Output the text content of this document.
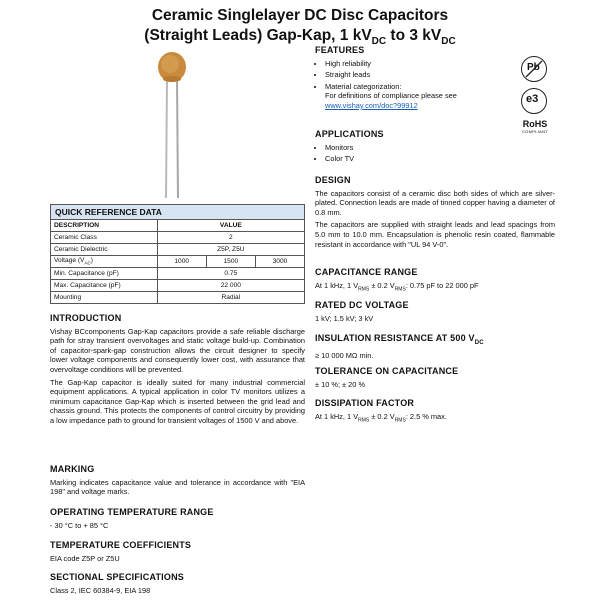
Ceramic Singlelayer DC Disc Capacitors
(Straight Leads) Gap-Kap, 1 $kV_{DC}$ to 3 $kV_{DC}$
Pb
e3
RoHS
COMPLIANT
FEATURES
• High reliability
• Straight leads
• Material categorization:
For definitions of compliance please see
www.vishay.com/doc?99912
APPLICATIONS
• Monitors
• Color TV
DESIGN
The capacitors consist of a ceramic disc both sides of which are silver-plated. Connection leads are made of tinned copper having a diameter of 0.8 mm.
The capacitors are supplied with straight leads and lead spacings from 5.0 mm to 10.0 mm. Encapsulation is phenolic resin coated, flammable resistant in accordance with "UL 94 V-0".
CAPACITANCE RANGE
At 1 kHz, 1 $V_{RMS} \pm 0.2$ $V_{RMS}$: 0.75 pF to 22 000 pF
RATED DC VOLTAGE
1 kV; 1.5 kV; 3 kV
INSULATION RESISTANCE AT 500 $V_{DC}$
≥ 10 000 MΩ min.
TOLERANCE ON CAPACITANCE
± 10 %; ± 20 %
DISSIPATION FACTOR
At 1 kHz, 1 $V_{RMS} \pm 0.2$ $V_{RMS}$: 2.5 % max.
QUICK REFERENCE DATA			
DESCRIPTION	VALUE		
Ceramic Class	2		
Ceramic Dielectric	Z5P, Z5U		
Voltage $(V_{AC})$	1000	1500	3000
Min. Capacitance (pF)	0.75		
Max. Capacitance (pF)	22 000		
Mounting	Radial		
INTRODUCTION
Vishay BCcomponents Gap-Kap capacitors provide a safe reliable discharge path for stray transient overvoltages and static voltage build-up. Combination of capacitor-spark-gap construction allows the circuit designer to specify lower voltage components and consequently lower cost, with assurance that overvoltage conditions will be prevented.
The Gap-Kap capacitor is ideally suited for many industrial commercial equipment applications. A typical application in color TV monitors utilizes a minimum capacitance Gap-Kap which is inserted between the grid lead and chassis ground. This protects the components of control circuitry by providing a low impedance path to ground for transient voltages of 1500 V and above.
MARKING
Marking indicates capacitance value and tolerance in accordance with "EIA 198" and voltage marks.
OPERATING TEMPERATURE RANGE
- 30 °C to + 85 °C
TEMPERATURE COEFFICIENTS
EIA code Z5P or Z5U
SECTIONAL SPECIFICATIONS
Class 2, IEC 60384-9, EIA 198
